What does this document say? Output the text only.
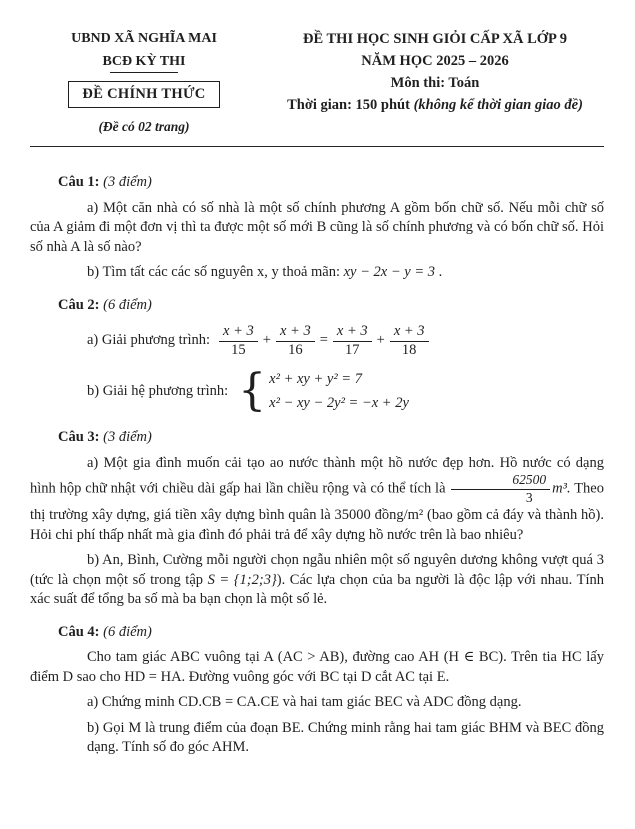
UBND XÃ NGHĨA MAI
BCĐ KỲ THI
ĐỀ CHÍNH THỨC
(Đề có 02 trang)
ĐỀ THI HỌC SINH GIỎI CẤP XÃ LỚP 9
NĂM HỌC 2025 – 2026
Môn thi: Toán
Thời gian: 150 phút (không kể thời gian giao đề)

Câu 1: (3 điểm)

a) Một căn nhà có số nhà là một số chính phương A gồm bốn chữ số. Nếu mỗi chữ số của A giảm đi một đơn vị thì ta được một số mới B cũng là số chính phương và có bốn chữ số. Hỏi số nhà A là số nào?

b) Tìm tất các các số nguyên x, y thoả mãn: xy − 2x − y = 3 .

Câu 2: (6 điểm)

a) Giải phương trình: $\frac{x + 3}{15} + \frac{x + 3}{16} = \frac{x + 3}{17} + \frac{x + 3}{18}$
b) Giải hệ phương trình: { x² + xy + y² = 7
x² − xy − 2y² = −x + 2y

Câu 3: (3 điểm)

a) Một gia đình muốn cải tạo ao nước thành một hồ nước đẹp hơn. Hồ nước có dạng hình hộp chữ nhật với chiều dài gấp hai lần chiều rộng và có thể tích là $\frac{62500}{3} m^3$. Theo thị trường xây dựng, giá tiền xây dựng bình quân là 35000 đồng/m² (bao gồm cả đáy và thành hồ). Hỏi chi phí thấp nhất mà gia đình đó phải trả để xây dựng hồ nước trên là bao nhiêu?

b) An, Bình, Cường mỗi người chọn ngẫu nhiên một số nguyên dương không vượt quá 3 (tức là chọn một số trong tập S = {1;2;3}). Các lựa chọn của ba người là độc lập với nhau. Tính xác suất để tổng ba số mà ba bạn chọn là một số lẻ.

Câu 4: (6 điểm)

Cho tam giác ABC vuông tại A (AC > AB), đường cao AH (H ∈ BC). Trên tia HC lấy điểm D sao cho HD = HA. Đường vuông góc với BC tại D cắt AC tại E.

a) Chứng minh CD.CB = CA.CE và hai tam giác BEC và ADC đồng dạng.

b) Gọi M là trung điểm của đoạn BE. Chứng minh rằng hai tam giác BHM và BEC đồng dạng. Tính số đo góc AHM.
